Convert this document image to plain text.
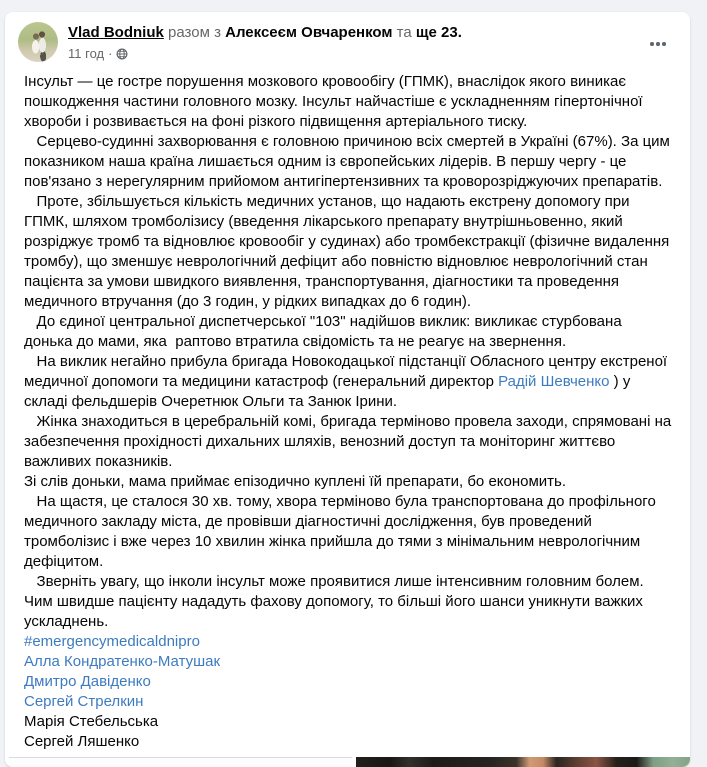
Vlad Bodniuk разом з Алексеєм Овчаренком та ще 23.
11 год ·

Інсульт — це гостре порушення мозкового кровообігу (ГПМК), внаслідок якого виникає пошкодження частини головного мозку. Інсульт найчастіше є ускладненням гіпертонічної хвороби і розвивається на фоні різкого підвищення артеріального тиску.

Серцево-судинні захворювання є головною причиною всіх смертей в Україні (67%). За цим показником наша країна лишається одним із європейських лідерів. В першу чергу - це пов'язано з нерегулярним прийомом антигіпертензивних та кроворозріджуючих препаратів.

Проте, збільшується кількість медичних установ, що надають екстрену допомогу при ГПМК, шляхом тромболізису (введення лікарського препарату внутрішньовенно, який розріджує тромб та відновлює кровообіг у судинах) або тромбекстракції (фізичне видалення тромбу), що зменшує неврологічний дефіцит або повністю відновлює неврологічний стан пацієнта за умови швидкого виявлення, транспортування, діагностики та проведення медичного втручання (до 3 годин, у рідких випадках до 6 годин).

До єдиної центральної диспетчерської "103" надійшов виклик: викликає стурбована донька до мами, яка  раптово втратила свідомість та не реагує на звернення.

На виклик негайно прибула бригада Новокодацької підстанції Обласного центру екстреної медичної допомоги та медицини катастроф (генеральний директор Радій Шевченко ) у складі фельдшерів Очеретнюк Ольги та Занюк Ірини.

Жінка знаходиться в церебральній комі, бригада терміново провела заходи, спрямовані на забезпечення прохідності дихальних шляхів, венозний доступ та моніторинг життєво важливих показників.

Зі слів доньки, мама приймає епізодично куплені їй препарати, бо економить.

На щастя, це сталося 30 хв. тому, хвора терміново була транспортована до профільного медичного закладу міста, де провівши діагностичні дослідження, був проведений тромболізис і вже через 10 хвилин жінка прийшла до тями з мінімальним неврологічним дефіцитом.

Зверніть увагу, що інколи інсульт може проявитися лише інтенсивним головним болем. Чим швидше пацієнту нададуть фахову допомогу, то більші його шанси уникнути важких ускладнень.

#emergencymedicaldnipro
Алла Кондратенко-Матушак
Дмитро Давіденко
Сергей Стрелкин
Марія Стебельська
Сергей Ляшенко
